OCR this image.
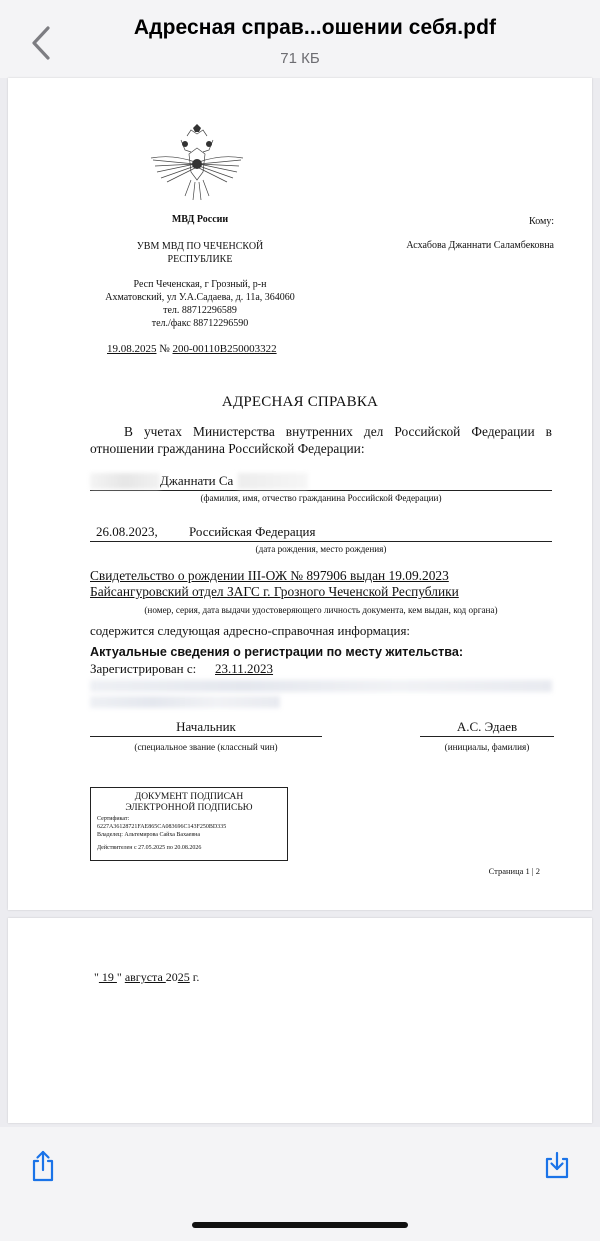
Адресная справ...ошении себя.pdf
71 КБ
МВД России
УВМ МВД ПО ЧЕЧЕНСКОЙ РЕСПУБЛИКЕ
Респ Чеченская, г Грозный, р-н
Ахматовский, ул У.А.Садаева, д. 11а, 364060
тел. 88712296589
тел./факс 88712296590
Кому:
Асхабова Джаннати Саламбековна
19.08.2025 № 200-00110В250003322
АДРЕСНАЯ СПРАВКА
В учетах Министерства внутренних дел Российской Федерации в отношении гражданина Российской Федерации:
Джаннати Са
(фамилия, имя, отчество гражданина Российской Федерации)
26.08.2023, Российская Федерация
(дата рождения, место рождения)
Свидетельство о рождении III-ОЖ № 897906 выдан 19.09.2023
Байсангуровский отдел ЗАГС г. Грозного Чеченской Республики
(номер, серия, дата выдачи удостоверяющего личность документа, кем выдан, код органа)
содержится следующая адресно-справочная информация:
Актуальные сведения о регистрации по месту жительства:
Зарегистрирован с: 23.11.2023
Начальник
(специальное звание (классный чин)
А.С. Эдаев
(инициалы, фамилия)
ДОКУМЕНТ ПОДПИСАН
ЭЛЕКТРОННОЙ ПОДПИСЬЮ
Сертификат:
6227A36128721FAE865CA083696C143F250BD335
Владелец: Альтемирова Сайха Вахаевна
Действителен с 27.05.2025 по 20.08.2026
Страница 1 | 2
" 19 " августа 2025 г.
